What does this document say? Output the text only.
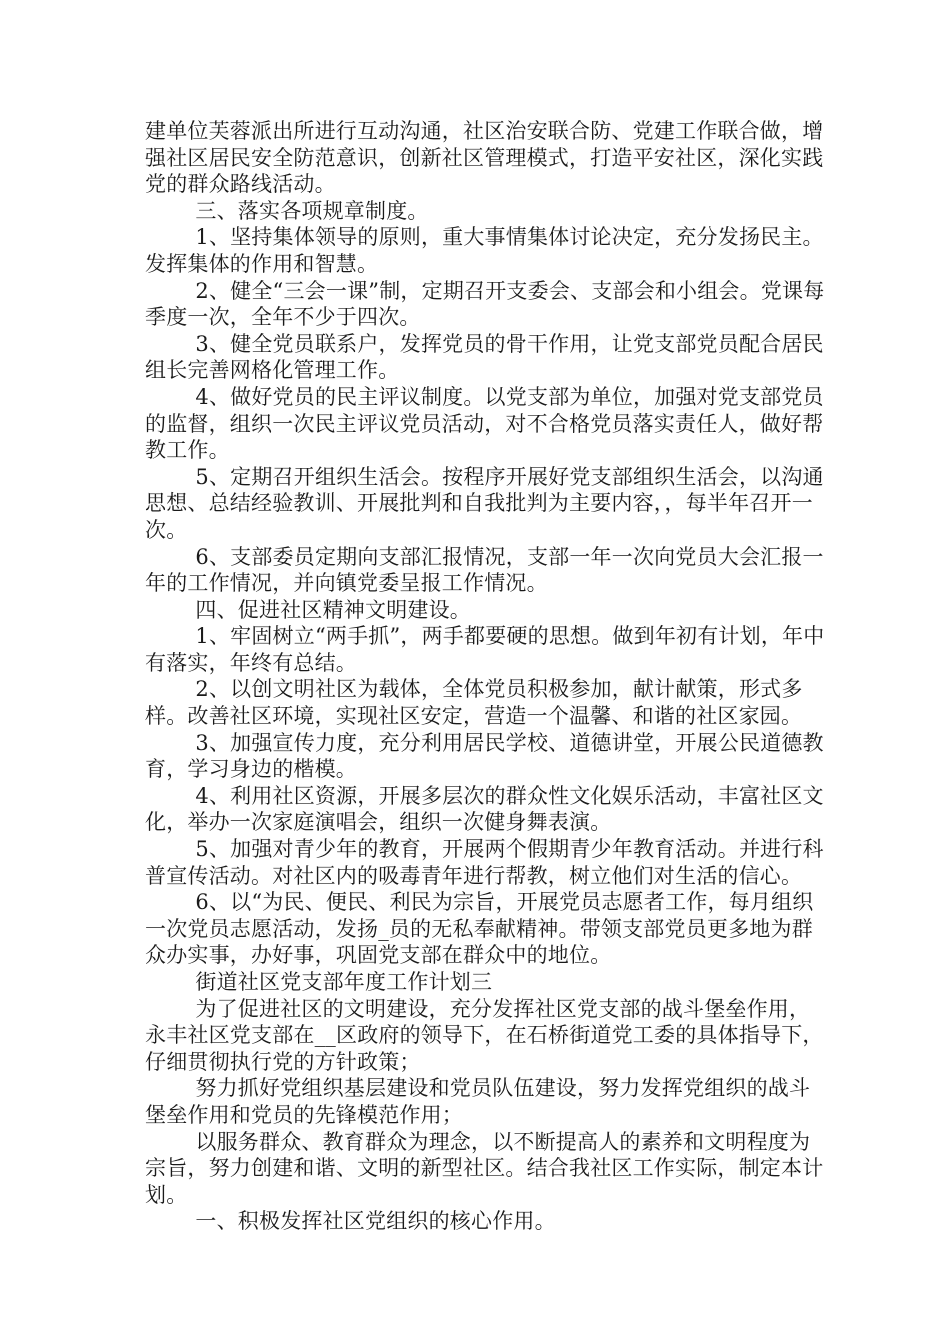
建单位芙蓉派出所进行互动沟通，社区治安联合防、党建工作联合做，增强社区居民安全防范意识，创新社区管理模式，打造平安社区，深化实践党的群众路线活动。

三、落实各项规章制度。

1、坚持集体领导的原则，重大事情集体讨论决定，充分发扬民主。发挥集体的作用和智慧。

2、健全“三会一课”制，定期召开支委会、支部会和小组会。党课每季度一次，全年不少于四次。

3、健全党员联系户，发挥党员的骨干作用，让党支部党员配合居民组长完善网格化管理工作。

4、做好党员的民主评议制度。以党支部为单位，加强对党支部党员的监督，组织一次民主评议党员活动，对不合格党员落实责任人，做好帮教工作。

5、定期召开组织生活会。按程序开展好党支部组织生活会，以沟通思想、总结经验教训、开展批判和自我批判为主要内容，，每半年召开一次。

6、支部委员定期向支部汇报情况，支部一年一次向党员大会汇报一年的工作情况，并向镇党委呈报工作情况。

四、促进社区精神文明建设。

1、牢固树立“两手抓”，两手都要硬的思想。做到年初有计划，年中有落实，年终有总结。

2、以创文明社区为载体，全体党员积极参加，献计献策，形式多样。改善社区环境，实现社区安定，营造一个温馨、和谐的社区家园。

3、加强宣传力度，充分利用居民学校、道德讲堂，开展公民道德教育，学习身边的楷模。

4、利用社区资源，开展多层次的群众性文化娱乐活动，丰富社区文化，举办一次家庭演唱会，组织一次健身舞表演。

5、加强对青少年的教育，开展两个假期青少年教育活动。并进行科普宣传活动。对社区内的吸毒青年进行帮教，树立他们对生活的信心。

6、以“为民、便民、利民为宗旨，开展党员志愿者工作，每月组织一次党员志愿活动，发扬_员的无私奉献精神。带领支部党员更多地为群众办实事，办好事，巩固党支部在群众中的地位。

街道社区党支部年度工作计划三

为了促进社区的文明建设，充分发挥社区党支部的战斗堡垒作用，永丰社区党支部在__区政府的领导下，在石桥街道党工委的具体指导下，仔细贯彻执行党的方针政策；

努力抓好党组织基层建设和党员队伍建设，努力发挥党组织的战斗堡垒作用和党员的先锋模范作用；

以服务群众、教育群众为理念，以不断提高人的素养和文明程度为宗旨，努力创建和谐、文明的新型社区。结合我社区工作实际，制定本计划。

一、积极发挥社区党组织的核心作用。
